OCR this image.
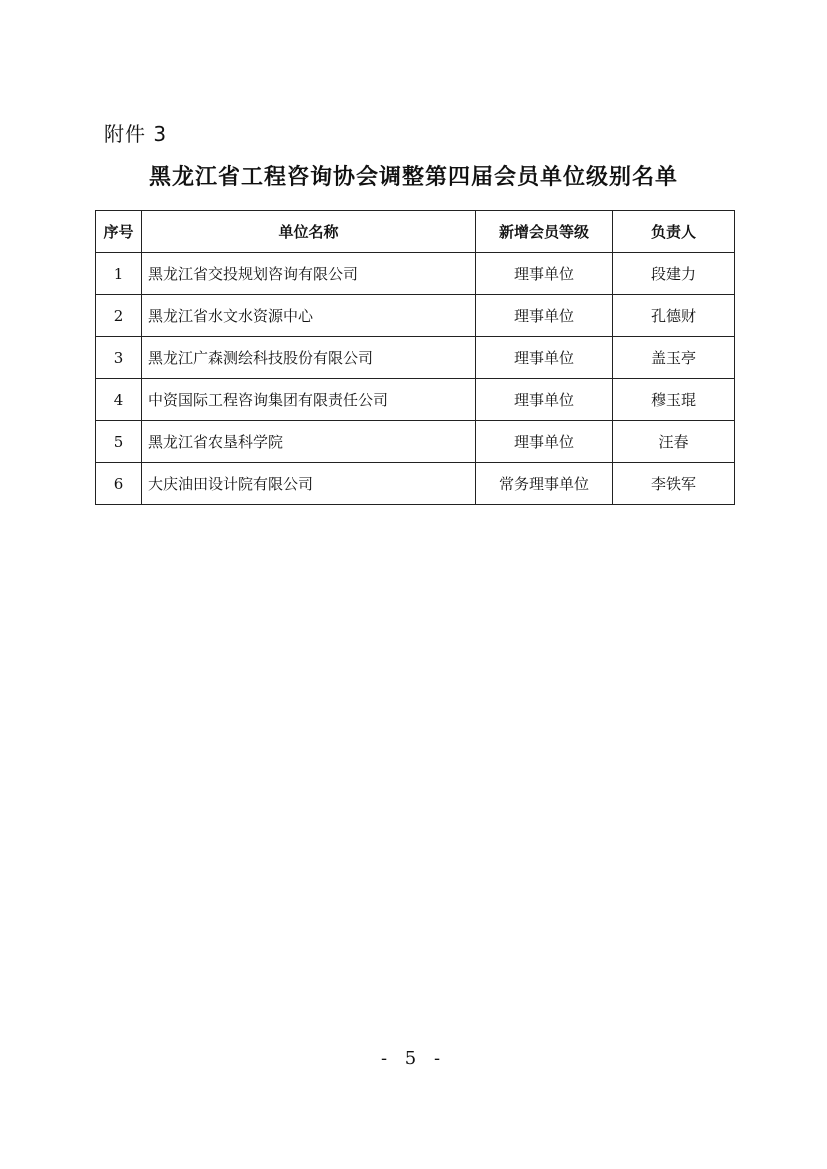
附件 3
黑龙江省工程咨询协会调整第四届会员单位级别名单
序号	单位名称	新增会员等级	负责人
1	黑龙江省交投规划咨询有限公司	理事单位	段建力
2	黑龙江省水文水资源中心	理事单位	孔德财
3	黑龙江广森测绘科技股份有限公司	理事单位	盖玉亭
4	中资国际工程咨询集团有限责任公司	理事单位	穆玉琨
5	黑龙江省农垦科学院	理事单位	汪春
6	大庆油田设计院有限公司	常务理事单位	李铁军
- 5 -
